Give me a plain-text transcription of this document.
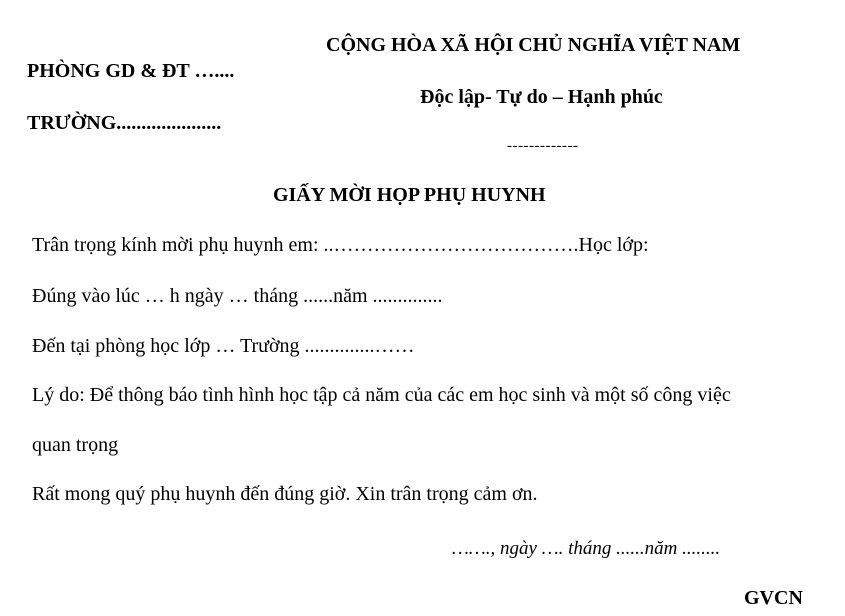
PHÒNG GD & ĐT …....
TRƯỜNG.....................
CỘNG HÒA XÃ HỘI CHỦ NGHĨA VIỆT NAM
Độc lập- Tự do – Hạnh phúc
-------------
GIẤY MỜI HỌP PHỤ HUYNH
Trân trọng kính mời phụ huynh em: ..……………………………….Học lớp:
Đúng vào lúc … h ngày … tháng ......năm ..............
Đến tại phòng học lớp … Trường ..............……
Lý do: Để thông báo tình hình học tập cả năm của các em học sinh và một số công việc
quan trọng
Rất mong quý phụ huynh đến đúng giờ. Xin trân trọng cảm ơn.
……., ngày …. tháng ......năm ........
GVCN
